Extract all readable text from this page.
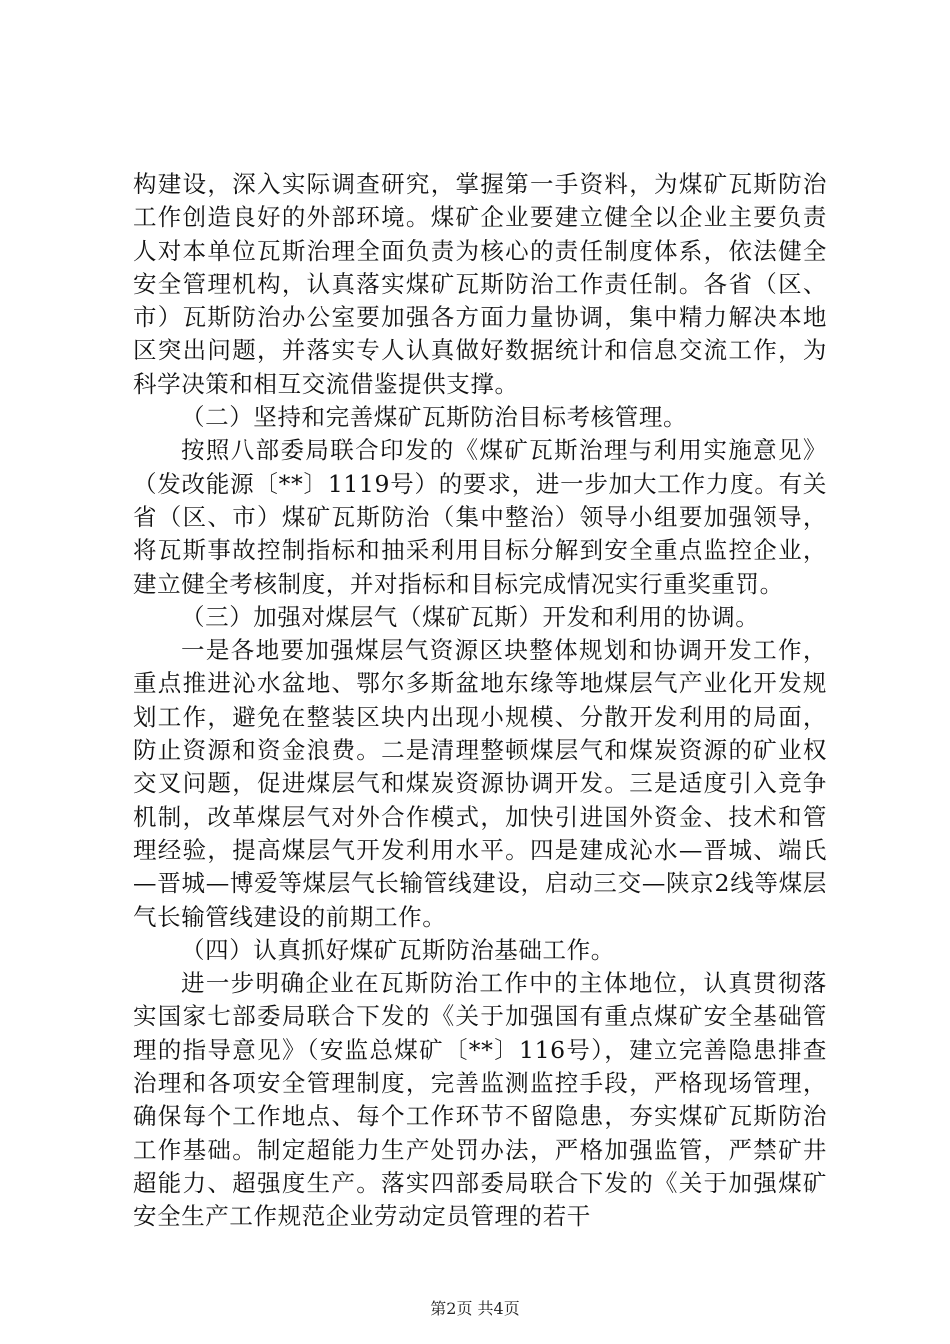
构建设，深入实际调查研究，掌握第一手资料，为煤矿瓦斯防治工作创造良好的外部环境。煤矿企业要建立健全以企业主要负责人对本单位瓦斯治理全面负责为核心的责任制度体系，依法健全安全管理机构，认真落实煤矿瓦斯防治工作责任制。各省（区、市）瓦斯防治办公室要加强各方面力量协调，集中精力解决本地区突出问题，并落实专人认真做好数据统计和信息交流工作，为科学决策和相互交流借鉴提供支撑。

（二）坚持和完善煤矿瓦斯防治目标考核管理。

按照八部委局联合印发的《煤矿瓦斯治理与利用实施意见》（发改能源〔**〕1119号）的要求，进一步加大工作力度。有关省（区、市）煤矿瓦斯防治（集中整治）领导小组要加强领导，将瓦斯事故控制指标和抽采利用目标分解到安全重点监控企业，建立健全考核制度，并对指标和目标完成情况实行重奖重罚。

（三）加强对煤层气（煤矿瓦斯）开发和利用的协调。

一是各地要加强煤层气资源区块整体规划和协调开发工作，重点推进沁水盆地、鄂尔多斯盆地东缘等地煤层气产业化开发规划工作，避免在整装区块内出现小规模、分散开发利用的局面，防止资源和资金浪费。二是清理整顿煤层气和煤炭资源的矿业权交叉问题，促进煤层气和煤炭资源协调开发。三是适度引入竞争机制，改革煤层气对外合作模式，加快引进国外资金、技术和管理经验，提高煤层气开发利用水平。四是建成沁水—晋城、端氏—晋城—博爱等煤层气长输管线建设，启动三交—陕京2线等煤层气长输管线建设的前期工作。

（四）认真抓好煤矿瓦斯防治基础工作。

进一步明确企业在瓦斯防治工作中的主体地位，认真贯彻落实国家七部委局联合下发的《关于加强国有重点煤矿安全基础管理的指导意见》（安监总煤矿〔**〕116号），建立完善隐患排查治理和各项安全管理制度，完善监测监控手段，严格现场管理，确保每个工作地点、每个工作环节不留隐患，夯实煤矿瓦斯防治工作基础。制定超能力生产处罚办法，严格加强监管，严禁矿井超能力、超强度生产。落实四部委局联合下发的《关于加强煤矿安全生产工作规范企业劳动定员管理的若干

第2页 共4页
